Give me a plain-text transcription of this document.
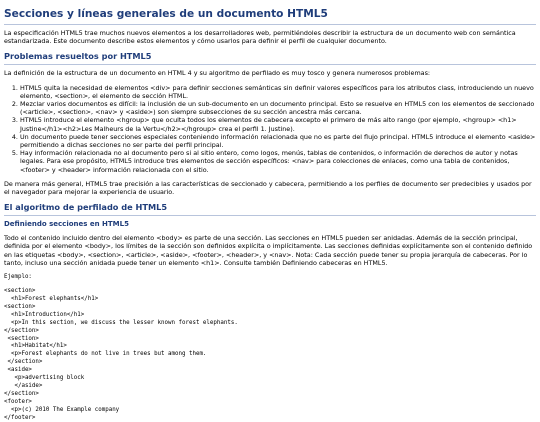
Secciones y líneas generales de un documento HTML5

La especificación HTML5 trae muchos nuevos elementos a los desarrolladores web, permitiéndoles describir la estructura de un documento web con semántica estandarizada. Este documento describe estos elementos y cómo usarlos para definir el perfil de cualquier documento.

Problemas resueltos por HTML5

La definición de la estructura de un documento en HTML 4 y su algoritmo de perfilado es muy tosco y genera numerosos problemas:

1. HTML5 quita la necesidad de elementos <div> para definir secciones semánticas sin definir valores específicos para los atributos class, introduciendo un nuevo elemento, <section>, el elemento de sección HTML.
2. Mezclar varios documentos es difícil: la inclusión de un sub-documento en un documento principal. Esto se resuelve en HTML5 con los elementos de seccionado (<article>, <section>, <nav> y <aside>) son siempre subsecciones de su sección ancestra más cercana.
3. HTML5 introduce el elemento <hgroup> que oculta todos los elementos de cabecera excepto el primero de más alto rango (por ejemplo, <hgroup> <h1> Justine</h1><h2>Les Malheurs de la Vertu</h2></hgroup> crea el perfil 1. Justine).
4. Un documento puede tener secciones especiales conteniendo información relacionada que no es parte del flujo principal. HTML5 introduce el elemento <aside> permitiendo a dichas secciones no ser parte del perfil principal.
5. Hay información relacionada no al documento pero si al sitio entero, como logos, menús, tablas de contenidos, o información de derechos de autor y notas legales. Para ese propósito, HTML5 introduce tres elementos de sección específicos: <nav> para colecciones de enlaces, como una tabla de contenidos, <footer> y <header> información relacionada con el sitio.

De manera más general, HTML5 trae precisión a las características de seccionado y cabecera, permitiendo a los perfiles de documento ser predecibles y usados por el navegador para mejorar la experiencia de usuario.

El algoritmo de perfilado de HTML5
Definiendo secciones en HTML5

Todo el contenido incluido dentro del elemento <body> es parte de una sección. Las secciones en HTML5 pueden ser anidadas. Además de la sección principal, definida por el elemento <body>, los límites de la sección son definidos explícita o implícitamente. Las secciones definidas explícitamente son el contenido definido en las etiquetas <body>, <section>, <article>, <aside>, <footer>, <header>, y <nav>. Nota: Cada sección puede tener su propia jerarquía de cabeceras. Por lo tanto, incluso una sección anidada puede tener un elemento <h1>. Consulte también Definiendo cabeceras en HTML5.

Ejemplo:

<section>
<h1>Forest elephants</h1>
<section>
<h1>Introduction</h1>
<p>In this section, we discuss the lesser known forest elephants.
</section>
<section>
<h1>Habitat</h1>
<p>Forest elephants do not live in trees but among them.
</section>
<aside>
<p>advertising block
</aside>
</section>
<footer>
<p>(c) 2010 The Example company
</footer>
